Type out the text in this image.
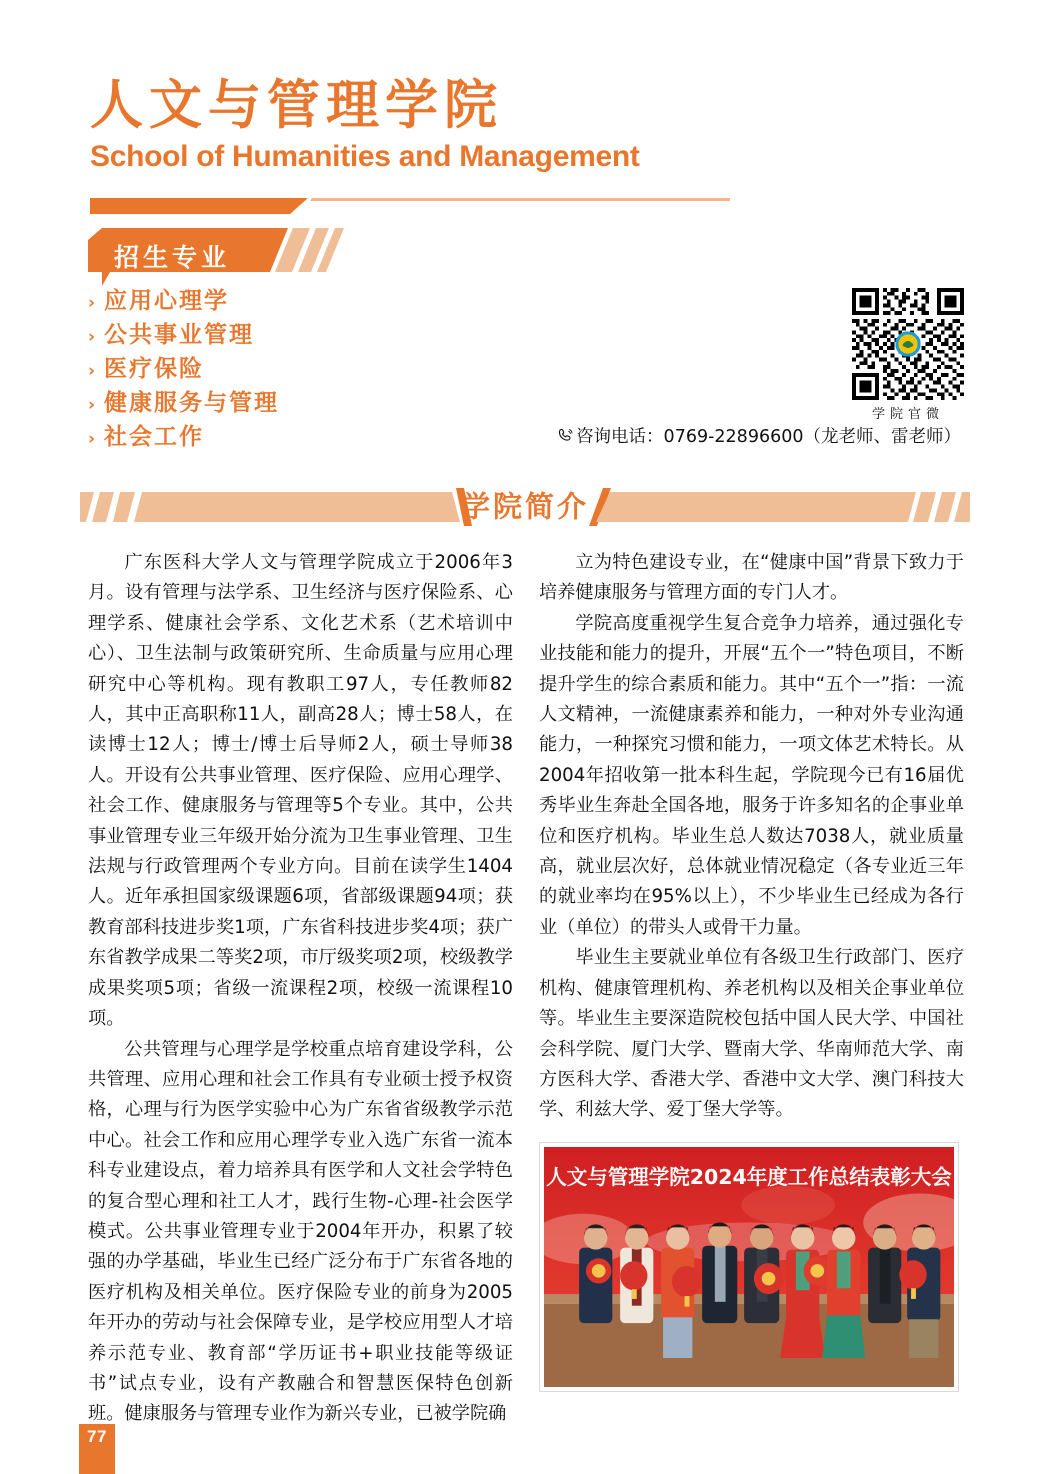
人文与管理学院
School of Humanities and Management
招生专业
› 应用心理学
› 公共事业管理
› 医疗保险
› 健康服务与管理
› 社会工作
学院官微
咨询电话：0769-22896600（龙老师、雷老师）
学院简介

广东医科大学人文与管理学院成立于2006年3月。设有管理与法学系、卫生经济与医疗保险系、心理学系、健康社会学系、文化艺术系（艺术培训中心）、卫生法制与政策研究所、生命质量与应用心理研究中心等机构。现有教职工97人，专任教师82人，其中正高职称11人，副高28人；博士58人，在读博士12人；博士/博士后导师2人，硕士导师38人。开设有公共事业管理、医疗保险、应用心理学、社会工作、健康服务与管理等5个专业。其中，公共事业管理专业三年级开始分流为卫生事业管理、卫生法规与行政管理两个专业方向。目前在读学生1404人。近年承担国家级课题6项，省部级课题94项；获教育部科技进步奖1项，广东省科技进步奖4项；获广东省教学成果二等奖2项，市厅级奖项2项，校级教学成果奖项5项；省级一流课程2项，校级一流课程10项。

公共管理与心理学是学校重点培育建设学科，公共管理、应用心理和社会工作具有专业硕士授予权资格，心理与行为医学实验中心为广东省省级教学示范中心。社会工作和应用心理学专业入选广东省一流本科专业建设点，着力培养具有医学和人文社会学特色的复合型心理和社工人才，践行生物-心理-社会医学模式。公共事业管理专业于2004年开办，积累了较强的办学基础，毕业生已经广泛分布于广东省各地的医疗机构及相关单位。医疗保险专业的前身为2005年开办的劳动与社会保障专业，是学校应用型人才培养示范专业、教育部“学历证书+职业技能等级证书”试点专业，设有产教融合和智慧医保特色创新班。健康服务与管理专业作为新兴专业，已被学院确

立为特色建设专业，在“健康中国”背景下致力于培养健康服务与管理方面的专门人才。

学院高度重视学生复合竞争力培养，通过强化专业技能和能力的提升，开展“五个一”特色项目，不断提升学生的综合素质和能力。其中“五个一”指：一流人文精神，一流健康素养和能力，一种对外专业沟通能力，一种探究习惯和能力，一项文体艺术特长。从2004年招收第一批本科生起，学院现今已有16届优秀毕业生奔赴全国各地，服务于许多知名的企事业单位和医疗机构。毕业生总人数达7038人，就业质量高，就业层次好，总体就业情况稳定（各专业近三年的就业率均在95%以上），不少毕业生已经成为各行业（单位）的带头人或骨干力量。

毕业生主要就业单位有各级卫生行政部门、医疗机构、健康管理机构、养老机构以及相关企事业单位等。毕业生主要深造院校包括中国人民大学、中国社会科学院、厦门大学、暨南大学、华南师范大学、南方医科大学、香港大学、香港中文大学、澳门科技大学、利兹大学、爱丁堡大学等。

人文与管理学院2024年度工作总结表彰大会
77
